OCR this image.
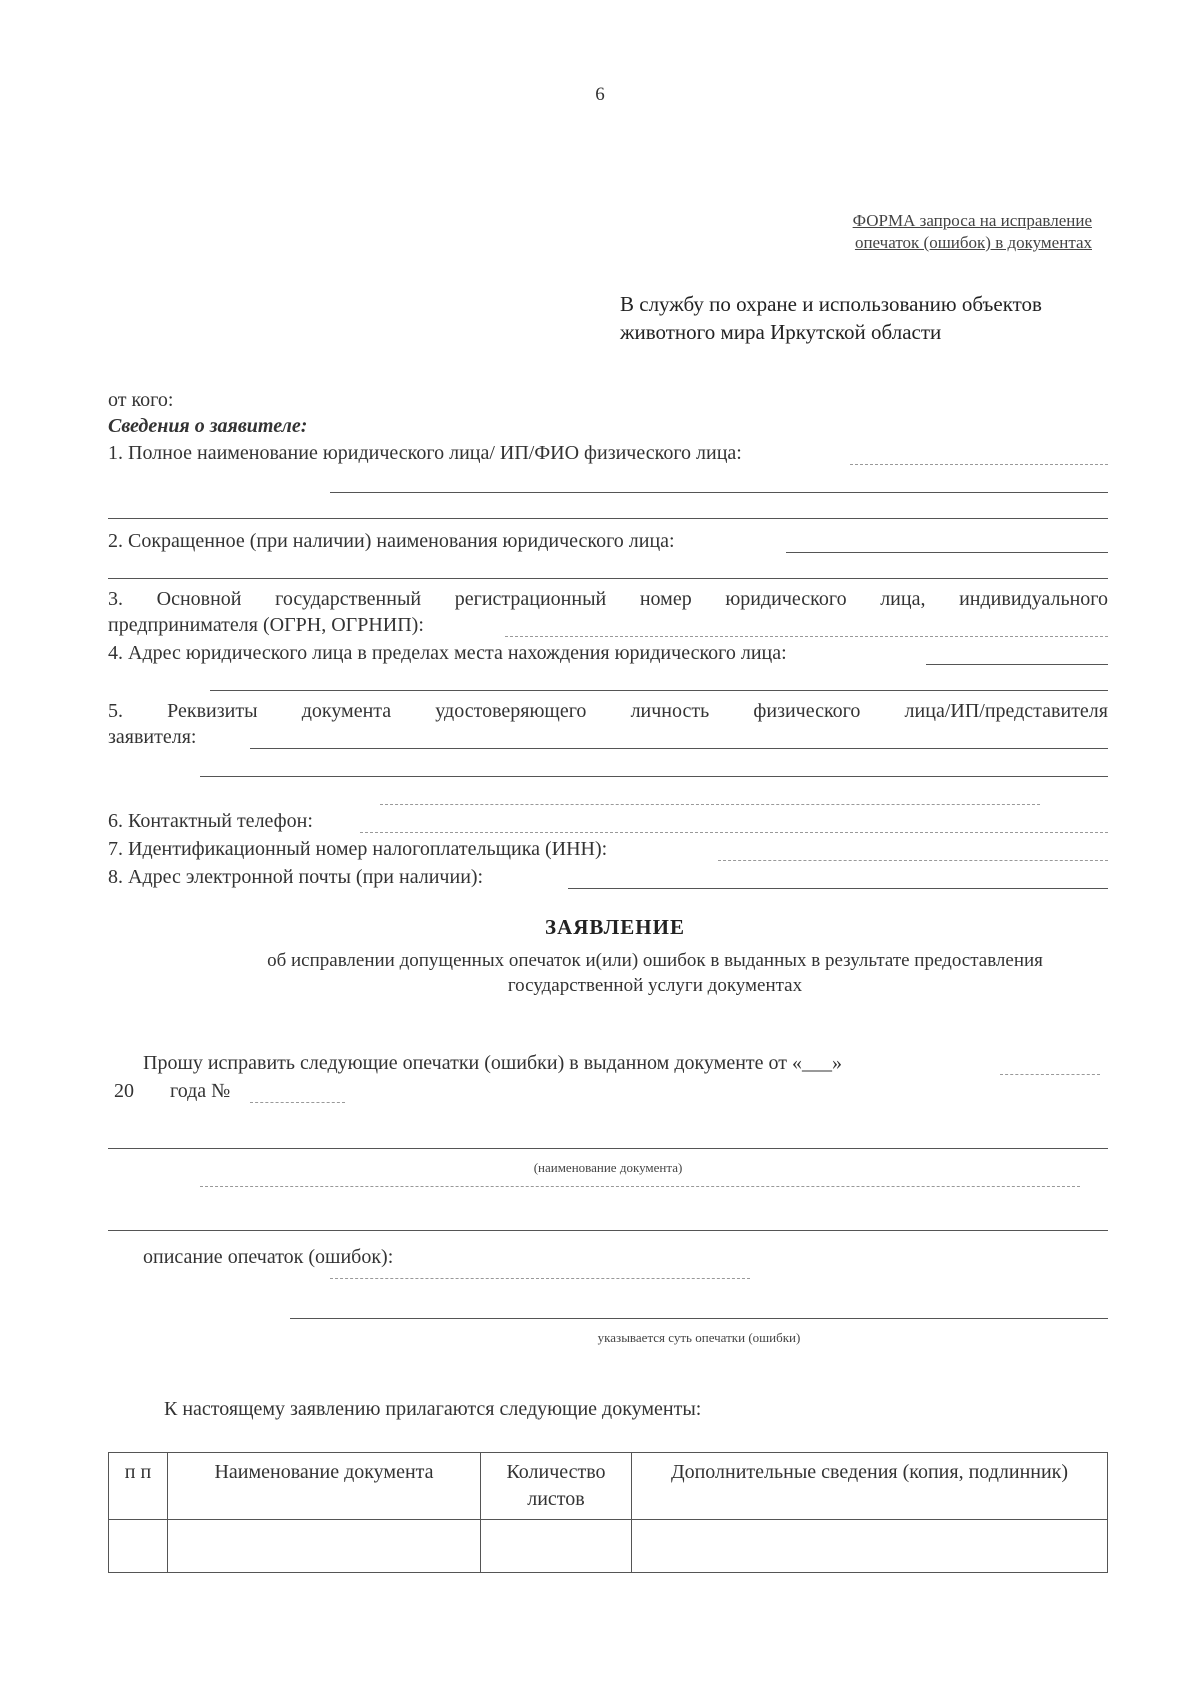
6
ФОРМА запроса на исправление
опечаток (ошибок) в документах
В службу по охране и использованию объектов
животного мира Иркутской области
от кого:
Сведения о заявителе:
1. Полное наименование юридического лица/ ИП/ФИО физического лица:
2. Сокращенное (при наличии) наименования юридического лица:
3. Основной государственный регистрационный номер юридического лица, индивидуального
предпринимателя (ОГРН, ОГРНИП):
4. Адрес юридического лица в пределах места нахождения юридического лица:
5. Реквизиты документа удостоверяющего личность физического лица/ИП/представителя
заявителя:
6. Контактный телефон:
7. Идентификационный номер налогоплательщика (ИНН):
8. Адрес электронной почты (при наличии):
ЗАЯВЛЕНИЕ
об исправлении допущенных опечаток и(или) ошибок в выданных в результате предоставления
государственной услуги документах
Прошу исправить следующие опечатки (ошибки) в выданном документе от «___»
20 года №
(наименование документа)
описание опечаток (ошибок):
указывается суть опечатки (ошибки)
К настоящему заявлению прилагаются следующие документы:
п п	Наименование документа	Количество листов	Дополнительные сведения (копия, подлинник)
